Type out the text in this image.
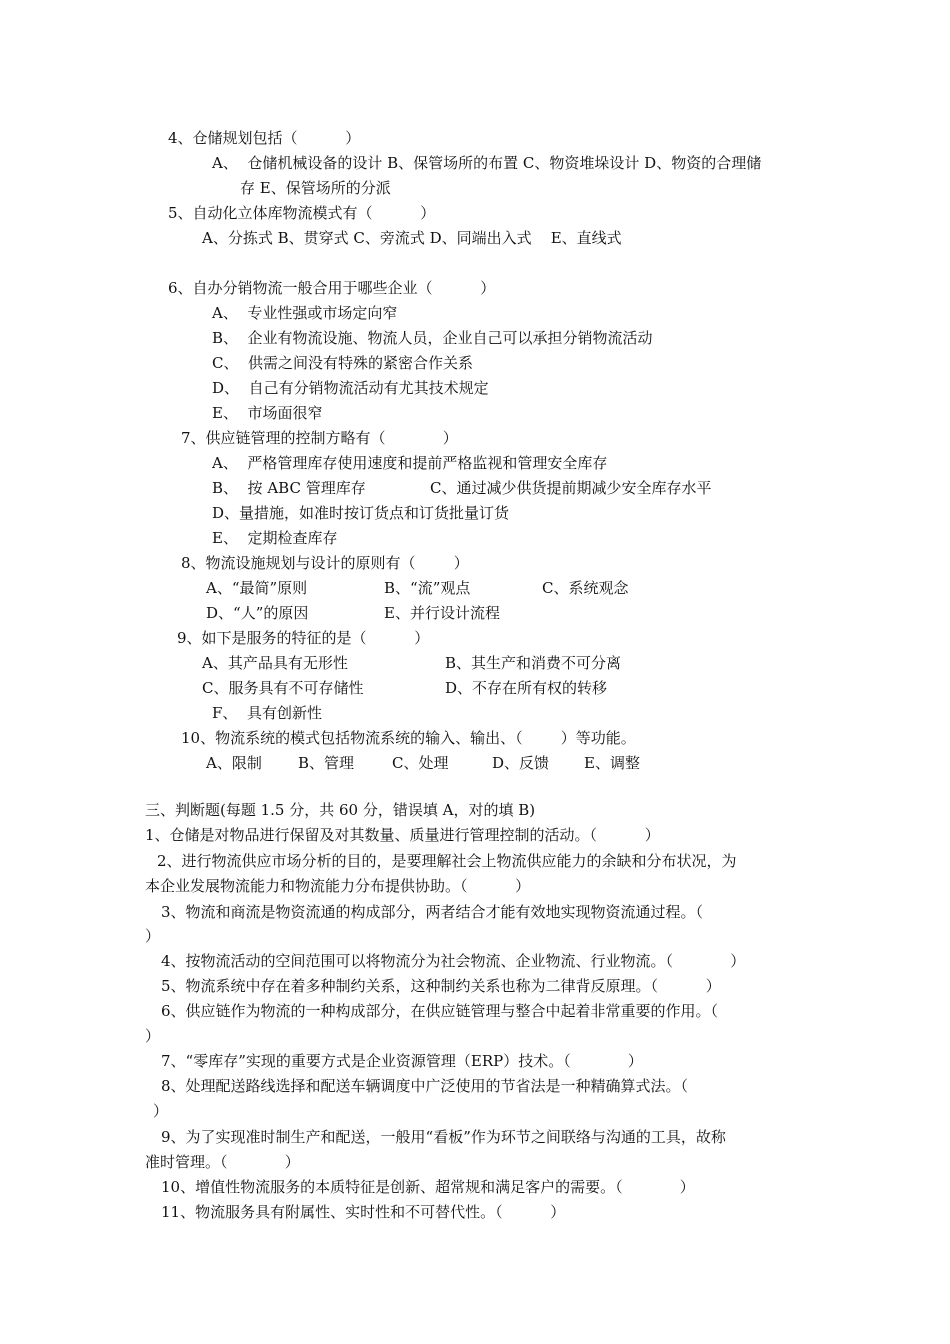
4、仓储规划包括（          ）
A、  仓储机械设备的设计 B、保管场所的布置 C、物资堆垛设计 D、物资的合理储
存 E、保管场所的分派
5、自动化立体库物流模式有（          ）
A、分拣式 B、贯穿式 C、旁流式 D、同端出入式    E、直线式
6、自办分销物流一般合用于哪些企业（          ）
A、  专业性强或市场定向窄
B、  企业有物流设施、物流人员，企业自己可以承担分销物流活动
C、  供需之间没有特殊的紧密合作关系
D、  自己有分销物流活动有尤其技术规定
E、  市场面很窄
7、供应链管理的控制方略有（            ）
A、  严格管理库存使用速度和提前严格监视和管理安全库存
B、  按 ABC 管理库存	C、通过减少供货提前期减少安全库存水平
D、量措施，如准时按订货点和订货批量订货
E、  定期检查库存
8、物流设施规划与设计的原则有（        ）
A、“最简”原则	B、“流”观点	C、系统观念
D、“人”的原因	E、并行设计流程
9、如下是服务的特征的是（          ）
A、其产品具有无形性	B、其生产和消费不可分离
C、服务具有不可存储性	D、不存在所有权的转移
F、  具有创新性
10、物流系统的模式包括物流系统的输入、输出、（        ）等功能。
A、限制 B、管理	C、处理	D、反馈 E、调整
三、判断题(每题 1.5 分，共 60 分，错误填 A，对的填 B)
1、仓储是对物品进行保留及对其数量、质量进行管理控制的活动。（          ）
2、进行物流供应市场分析的目的，是要理解社会上物流供应能力的余缺和分布状况，为
本企业发展物流能力和物流能力分布提供协助。（          ）
3、物流和商流是物资流通的构成部分，两者结合才能有效地实现物资流通过程。（
）
4、按物流活动的空间范围可以将物流分为社会物流、企业物流、行业物流。（            ）
5、物流系统中存在着多种制约关系，这种制约关系也称为二律背反原理。（          ）
6、供应链作为物流的一种构成部分，在供应链管理与整合中起着非常重要的作用。（
）
7、“零库存”实现的重要方式是企业资源管理（ERP）技术。（            ）
8、处理配送路线选择和配送车辆调度中广泛使用的节省法是一种精确算式法。（
）
9、为了实现准时制生产和配送，一般用“看板”作为环节之间联络与沟通的工具，故称
准时管理。（            ）
10、增值性物流服务的本质特征是创新、超常规和满足客户的需要。（            ）
11、物流服务具有附属性、实时性和不可替代性。（          ）
